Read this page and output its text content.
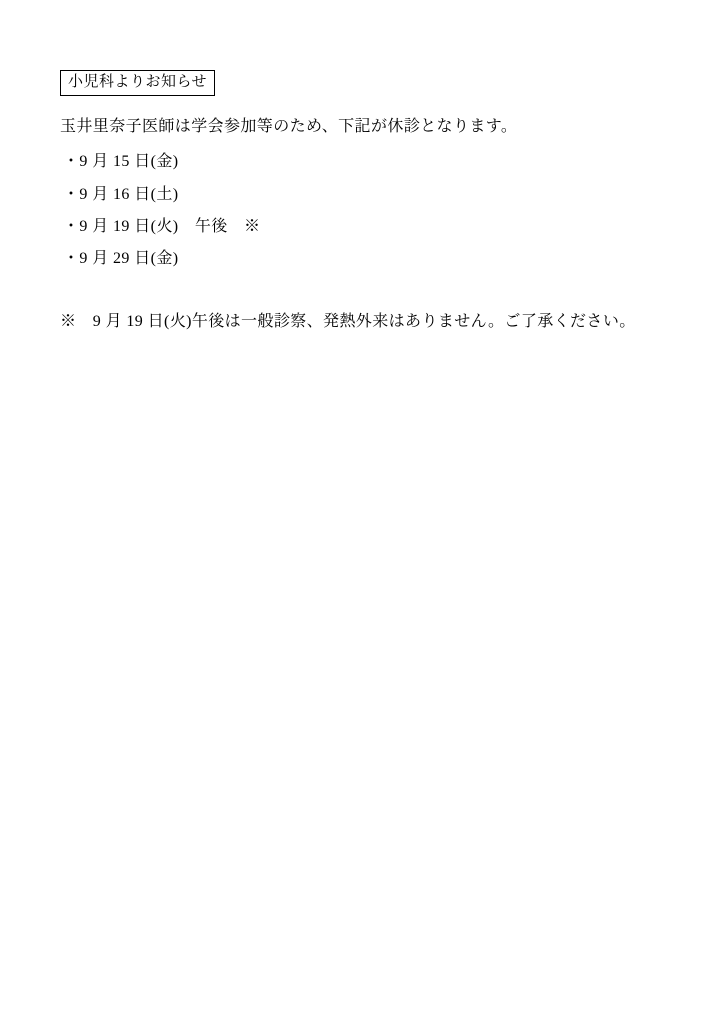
小児科よりお知らせ

玉井里奈子医師は学会参加等のため、下記が休診となります。

・9 月 15 日(金)
・9 月 16 日(土)
・9 月 19 日(火)　午後　※
・9 月 29 日(金)

※　9 月 19 日(火)午後は一般診察、発熱外来はありません。ご了承ください。
